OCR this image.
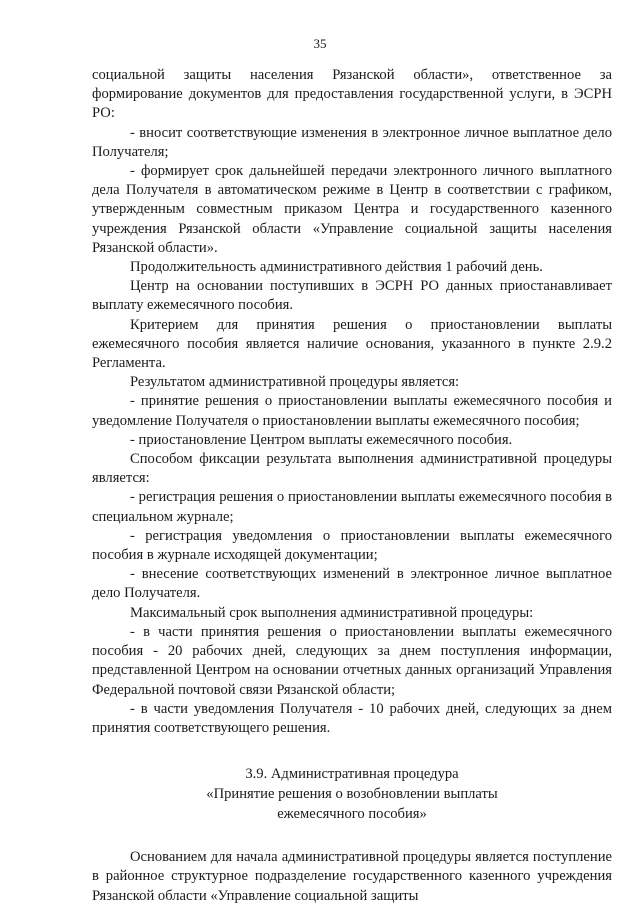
35

социальной защиты населения Рязанской области», ответственное за формирование документов для предоставления государственной услуги, в ЭСРН РО:

- вносит соответствующие изменения в электронное личное выплатное дело Получателя;

- формирует срок дальнейшей передачи электронного личного выплатного дела Получателя в автоматическом режиме в Центр в соответствии с графиком, утвержденным совместным приказом Центра и государственного казенного учреждения Рязанской области «Управление социальной защиты населения Рязанской области».

Продолжительность административного действия 1 рабочий день.

Центр на основании поступивших в ЭСРН РО данных приостанавливает выплату ежемесячного пособия.

Критерием для принятия решения о приостановлении выплаты ежемесячного пособия является наличие основания, указанного в пункте 2.9.2 Регламента.

Результатом административной процедуры является:

- принятие решения о приостановлении выплаты ежемесячного пособия и уведомление Получателя о приостановлении выплаты ежемесячного пособия;

- приостановление Центром выплаты ежемесячного пособия.

Способом фиксации результата выполнения административной процедуры является:

- регистрация решения о приостановлении выплаты ежемесячного пособия в специальном журнале;

- регистрация уведомления о приостановлении выплаты ежемесячного пособия в журнале исходящей документации;

- внесение соответствующих изменений в электронное личное выплатное дело Получателя.

Максимальный срок выполнения административной процедуры:

- в части принятия решения о приостановлении выплаты ежемесячного пособия - 20 рабочих дней, следующих за днем поступления информации, представленной Центром на основании отчетных данных организаций Управления Федеральной почтовой связи Рязанской области;

- в части уведомления Получателя - 10 рабочих дней, следующих за днем принятия соответствующего решения.

3.9. Административная процедура
«Принятие решения о возобновлении выплаты
ежемесячного пособия»

Основанием для начала административной процедуры является поступление в районное структурное подразделение государственного казенного учреждения Рязанской области «Управление социальной защиты
